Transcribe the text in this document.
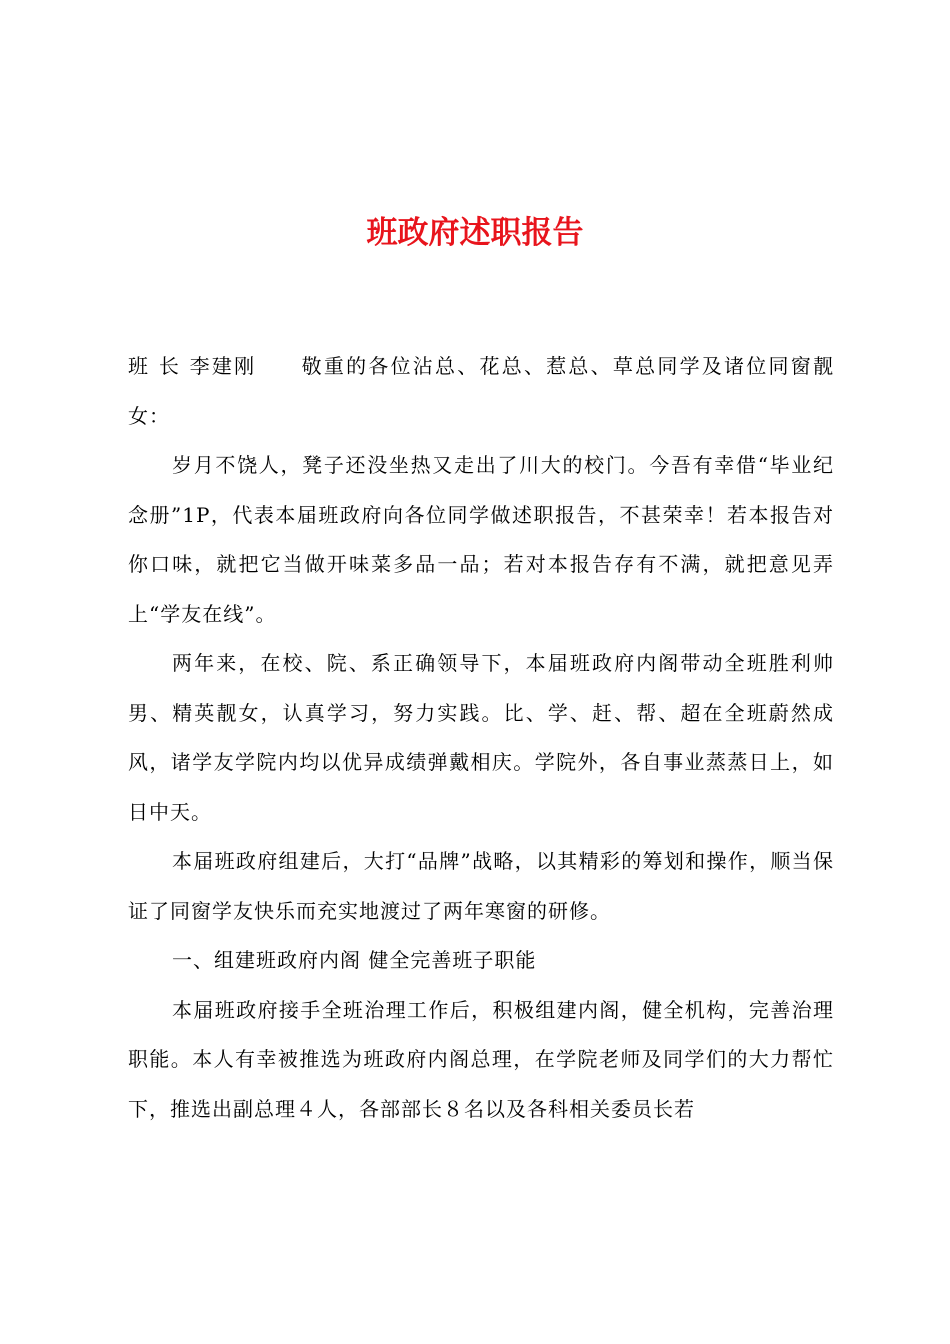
班政府述职报告

班 长 李建刚 敬重的各位沾总、花总、惹总、草总同学及诸位同窗靓女：

岁月不饶人，凳子还没坐热又走出了川大的校门。今吾有幸借“毕业纪念册”1P，代表本届班政府向各位同学做述职报告，不甚荣幸！若本报告对你口味，就把它当做开味菜多品一品；若对本报告存有不满，就把意见弄上“学友在线”。

两年来，在校、院、系正确领导下，本届班政府内阁带动全班胜利帅男、精英靓女，认真学习，努力实践。比、学、赶、帮、超在全班蔚然成风，诸学友学院内均以优异成绩弹戴相庆。学院外，各自事业蒸蒸日上，如日中天。

本届班政府组建后，大打“品牌”战略，以其精彩的筹划和操作，顺当保证了同窗学友快乐而充实地渡过了两年寒窗的研修。

一、组建班政府内阁 健全完善班子职能

本届班政府接手全班治理工作后，积极组建内阁，健全机构，完善治理职能。本人有幸被推选为班政府内阁总理，在学院老师及同学们的大力帮忙下，推选出副总理４人，各部部长８名以及各科相关委员长若
